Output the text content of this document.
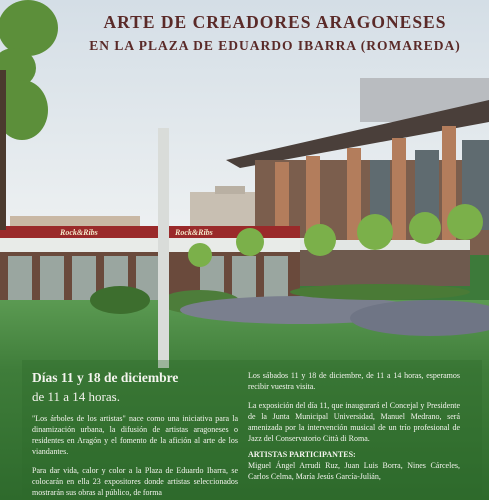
Rock&Ribs	Rock&Ribs
ARTE DE CREADORES ARAGONESES
EN LA PLAZA DE EDUARDO IBARRA (ROMAREDA)
Días 11 y 18 de diciembre
de 11 a 14 horas.

"Los árboles de los artistas" nace como una iniciativa para la dinamización urbana, la difusión de artistas aragoneses o residentes en Aragón y el fomento de la afición al arte de los viandantes.

Para dar vida, calor y color a la Plaza de Eduardo Ibarra, se colocarán en ella 23 expositores donde artistas seleccionados mostrarán sus obras al público, de forma

Los sábados 11 y 18 de diciembre, de 11 a 14 horas, esperamos recibir vuestra visita.

La exposición del día 11, que inaugurará el Concejal y Presidente de la Junta Municipal Universidad, Manuel Medrano, será amenizada por la intervención musical de un trío profesional de Jazz del Conservatorio Città di Roma.

ARTISTAS PARTICIPANTES:

Miguel Ángel Arrudi Ruz, Juan Luis Borra, Nines Cárceles, Carlos Celma, María Jesús García-Julián,
